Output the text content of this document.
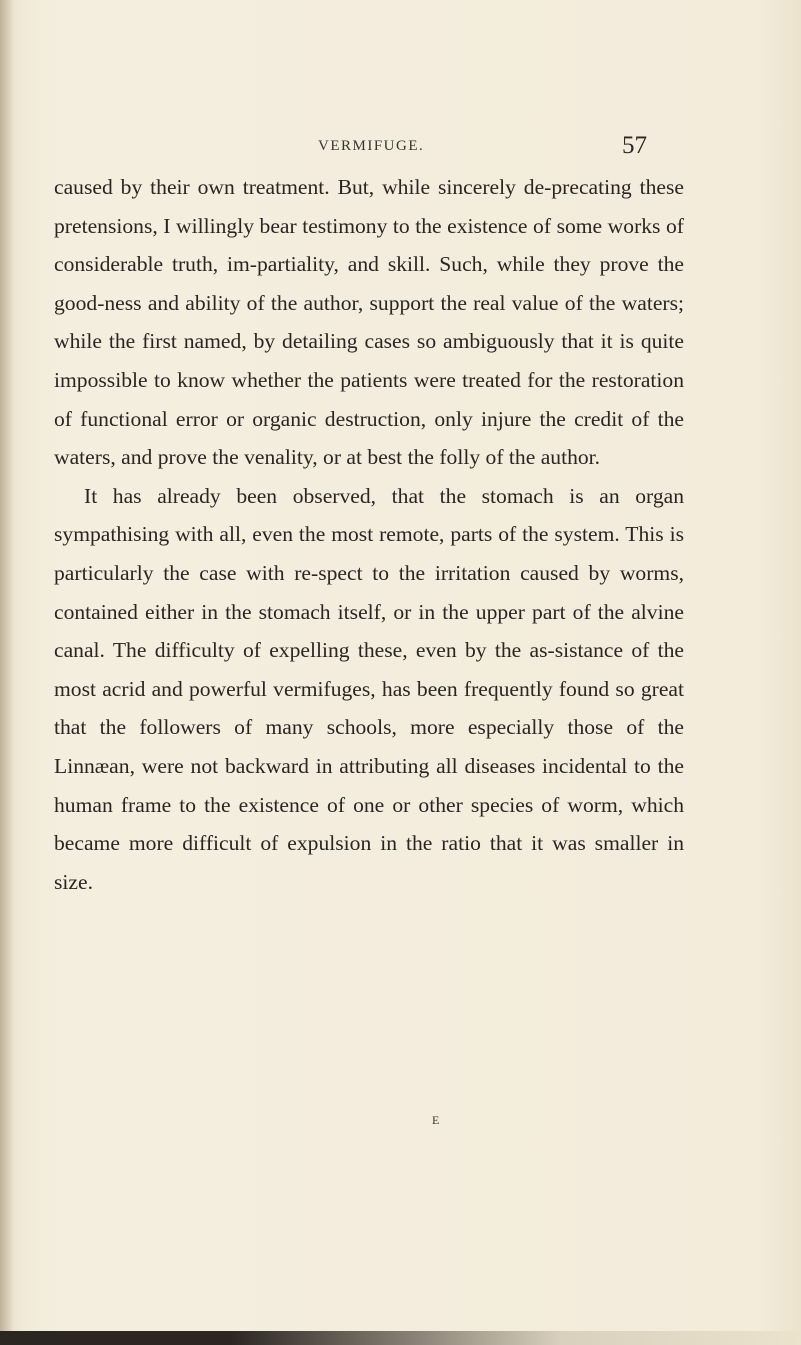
VERMIFUGE.	57

caused by their own treatment. But, while sincerely de-precating these pretensions, I willingly bear testimony to the existence of some works of considerable truth, im-partiality, and skill. Such, while they prove the good-ness and ability of the author, support the real value of the waters; while the first named, by detailing cases so ambiguously that it is quite impossible to know whether the patients were treated for the restoration of functional error or organic destruction, only injure the credit of the waters, and prove the venality, or at best the folly of the author.

It has already been observed, that the stomach is an organ sympathising with all, even the most remote, parts of the system. This is particularly the case with re-spect to the irritation caused by worms, contained either in the stomach itself, or in the upper part of the alvine canal. The difficulty of expelling these, even by the as-sistance of the most acrid and powerful vermifuges, has been frequently found so great that the followers of many schools, more especially those of the Linnæan, were not backward in attributing all diseases incidental to the human frame to the existence of one or other species of worm, which became more difficult of expulsion in the ratio that it was smaller in size.

E
